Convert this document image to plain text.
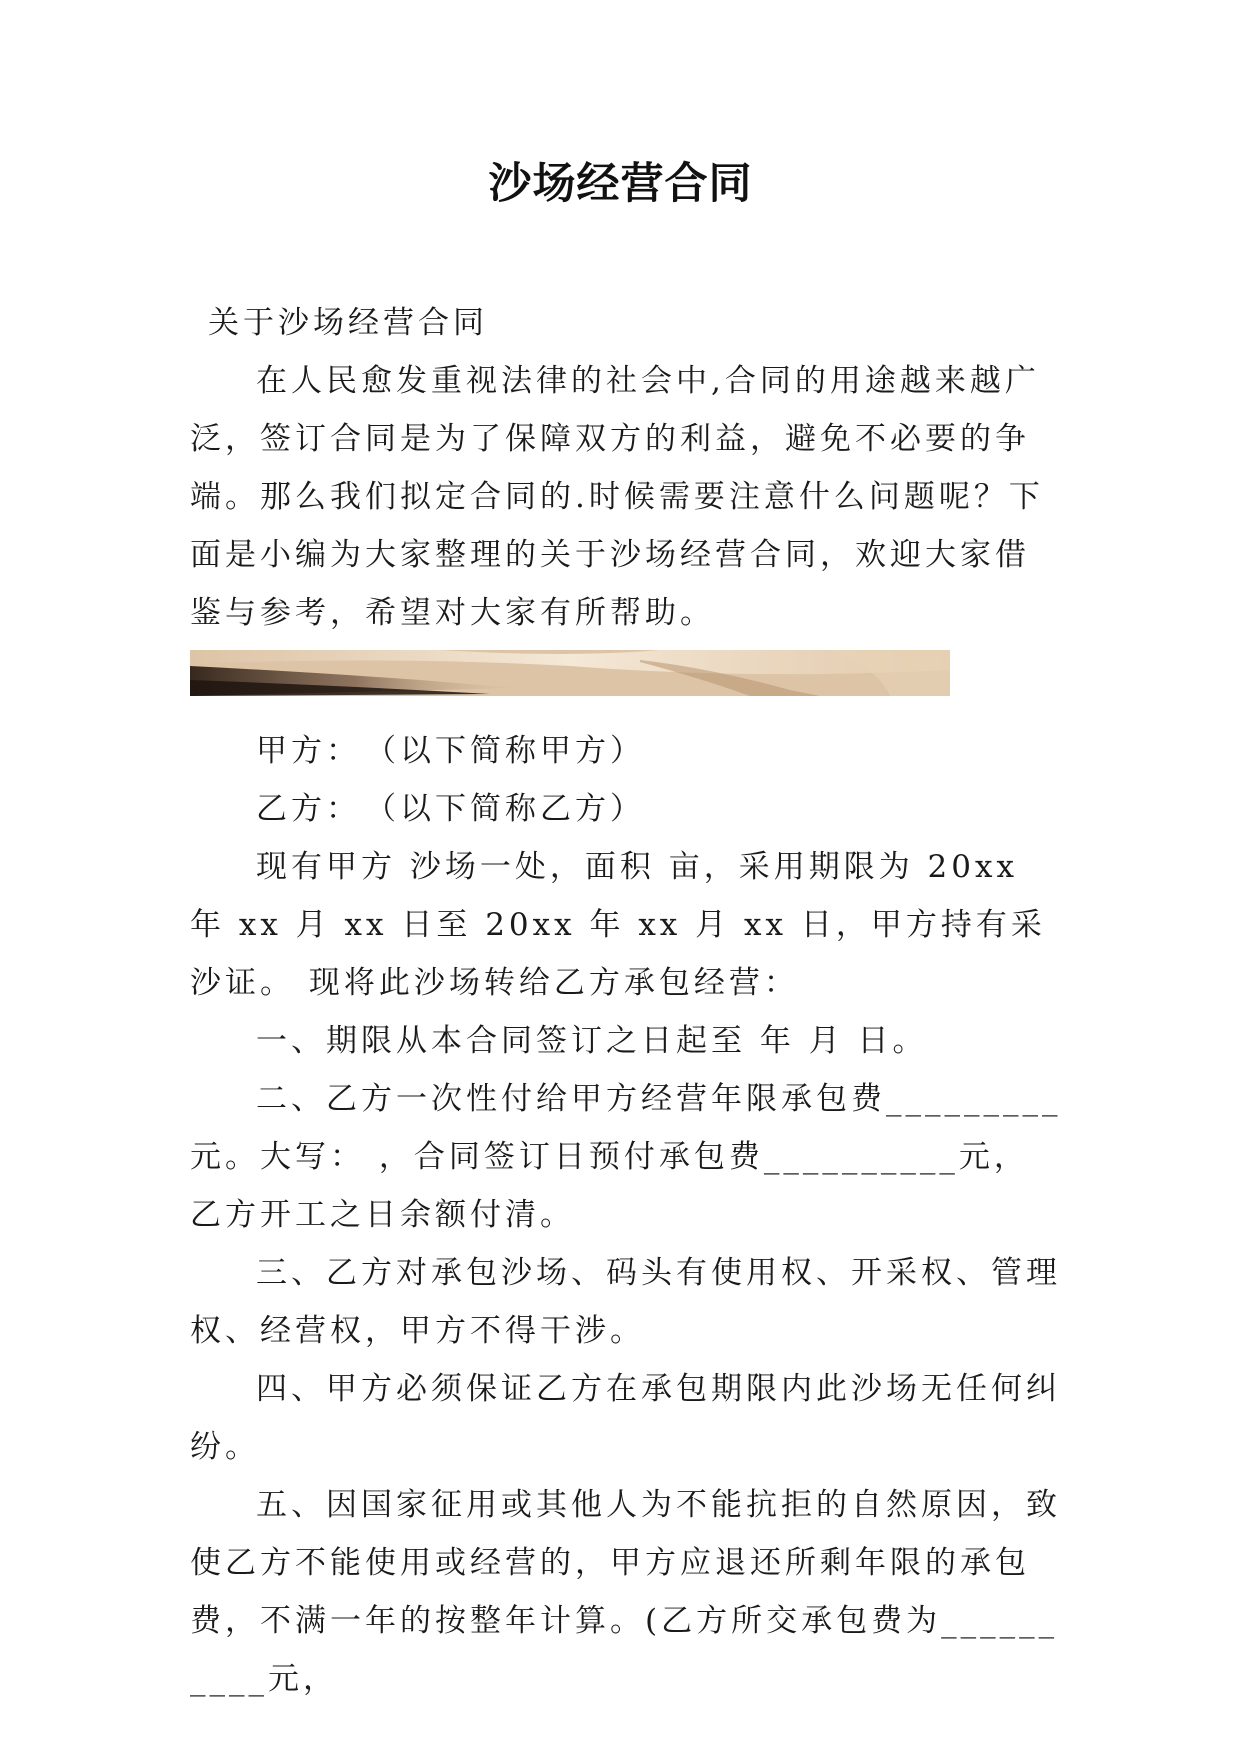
沙场经营合同

关于沙场经营合同

在人民愈发重视法律的社会中,合同的用途越来越广泛，签订合同是为了保障双方的利益，避免不必要的争端。那么我们拟定合同的.时候需要注意什么问题呢？下面是小编为大家整理的关于沙场经营合同，欢迎大家借鉴与参考，希望对大家有所帮助。

甲方：　（以下简称甲方）

乙方：　（以下简称乙方）

现有甲方 沙场一处，面积 亩，采用期限为 20xx 年 xx 月 xx 日至 20xx 年 xx 月 xx 日，甲方持有采沙证。 现将此沙场转给乙方承包经营：

一、期限从本合同签订之日起至 年 月 日。

二、乙方一次性付给甲方经营年限承包费_________元。大写： ，合同签订日预付承包费__________元，乙方开工之日余额付清。

三、乙方对承包沙场、码头有使用权、开采权、管理权、经营权，甲方不得干涉。

四、甲方必须保证乙方在承包期限内此沙场无任何纠纷。

五、因国家征用或其他人为不能抗拒的自然原因，致使乙方不能使用或经营的，甲方应退还所剩年限的承包费，不满一年的按整年计算。(乙方所交承包费为__________元，
